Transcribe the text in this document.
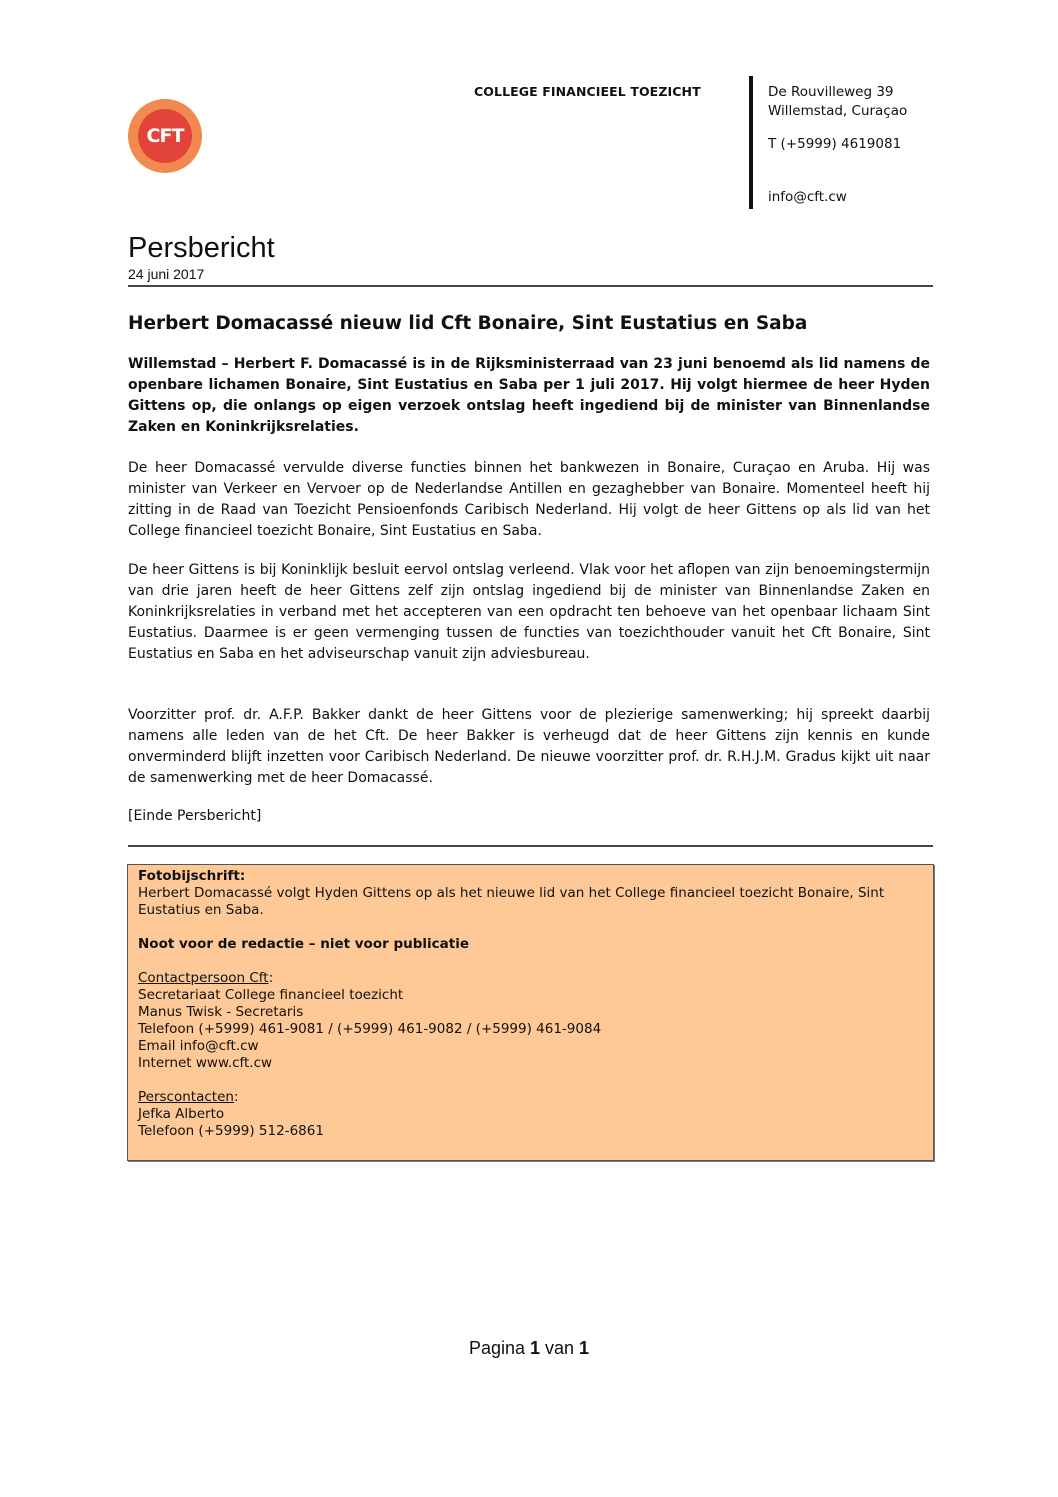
CFT
COLLEGE FINANCIEEL TOEZICHT	De Rouvilleweg 39
Willemstad, Curaçao
T (+5999) 4619081
info@cft.cw
Persbericht
24 juni 2017
Herbert Domacassé nieuw lid Cft Bonaire, Sint Eustatius en Saba
Willemstad – Herbert F. Domacassé is in de Rijksministerraad van 23 juni benoemd als lid namens de openbare lichamen Bonaire, Sint Eustatius en Saba per 1 juli 2017. Hij volgt hiermee de heer Hyden Gittens op, die onlangs op eigen verzoek ontslag heeft ingediend bij de minister van Binnenlandse Zaken en Koninkrijksrelaties.
De heer Domacassé vervulde diverse functies binnen het bankwezen in Bonaire, Curaçao en Aruba. Hij was minister van Verkeer en Vervoer op de Nederlandse Antillen en gezaghebber van Bonaire. Momenteel heeft hij zitting in de Raad van Toezicht Pensioenfonds Caribisch Nederland. Hij volgt de heer Gittens op als lid van het College financieel toezicht Bonaire, Sint Eustatius en Saba.
De heer Gittens is bij Koninklijk besluit eervol ontslag verleend. Vlak voor het aflopen van zijn benoemingstermijn van drie jaren heeft de heer Gittens zelf zijn ontslag ingediend bij de minister van Binnenlandse Zaken en Koninkrijksrelaties in verband met het accepteren van een opdracht ten behoeve van het openbaar lichaam Sint Eustatius. Daarmee is er geen vermenging tussen de functies van toezichthouder vanuit het Cft Bonaire, Sint Eustatius en Saba en het adviseurschap vanuit zijn adviesbureau.
Voorzitter prof. dr. A.F.P. Bakker dankt de heer Gittens voor de plezierige samenwerking; hij spreekt daarbij namens alle leden van de het Cft. De heer Bakker is verheugd dat de heer Gittens zijn kennis en kunde onverminderd blijft inzetten voor Caribisch Nederland. De nieuwe voorzitter prof. dr. R.H.J.M. Gradus kijkt uit naar de samenwerking met de heer Domacassé.
[Einde Persbericht]
Fotobijschrift:
Herbert Domacassé volgt Hyden Gittens op als het nieuwe lid van het College financieel toezicht Bonaire, Sint Eustatius en Saba.
Noot voor de redactie – niet voor publicatie
Contactpersoon Cft:
Secretariaat College financieel toezicht
Manus Twisk - Secretaris
Telefoon (+5999) 461-9081 / (+5999) 461-9082 / (+5999) 461-9084
Email info@cft.cw
Internet www.cft.cw
Perscontacten:
Jefka Alberto
Telefoon (+5999) 512-6861
Pagina 1 van 1
